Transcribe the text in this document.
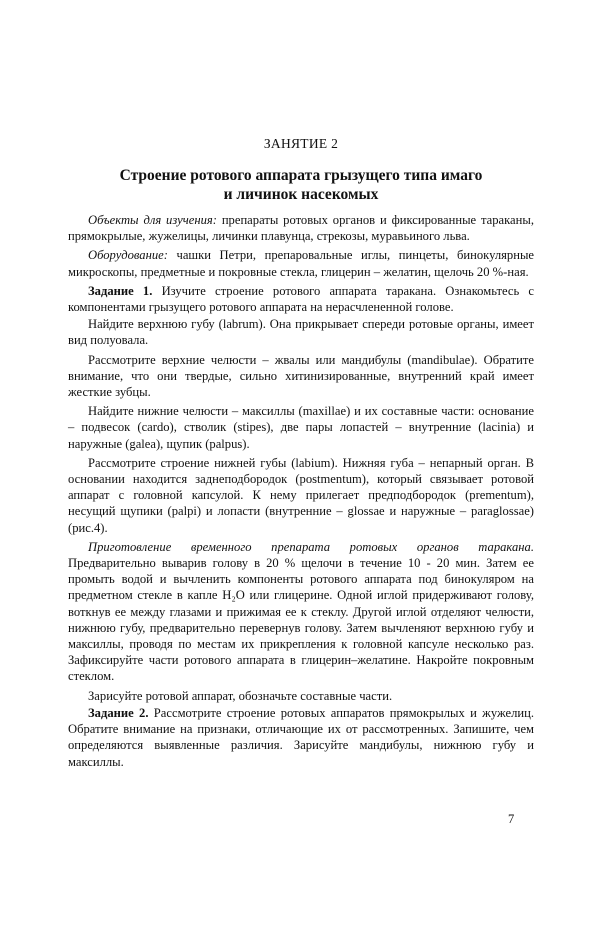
ЗАНЯТИЕ 2

Строение ротового аппарата грызущего типа имаго
и личинок насекомых

Объекты для изучения: препараты ротовых органов и фиксированные тараканы, прямокрылые, жужелицы, личинки плавунца, стрекозы, муравьиного льва.

Оборудование: чашки Петри, препаровальные иглы, пинцеты, бинокулярные микроскопы, предметные и покровные стекла, глицерин – желатин, щелочь 20 %-ная.

Задание 1. Изучите строение ротового аппарата таракана. Ознакомьтесь с компонентами грызущего ротового аппарата на нерасчлененной голове.

Найдите верхнюю губу (labrum). Она прикрывает спереди ротовые органы, имеет вид полуовала.

Рассмотрите верхние челюсти – жвалы или мандибулы (mandibulae). Обратите внимание, что они твердые, сильно хитинизированные, внутренний край имеет жесткие зубцы.

Найдите нижние челюсти – максиллы (maxillae) и их составные части: основание – подвесок (cardo), стволик (stipes), две пары лопастей – внутренние (lacinia) и наружные (galea), щупик (palpus).

Рассмотрите строение нижней губы (labium). Нижняя губа – непарный орган. В основании находится заднеподбородок (postmentum), который связывает ротовой аппарат с головной капсулой. К нему прилегает предподбородок (prementum), несущий щупики (palpi) и лопасти (внутренние – glossae и наружные – paraglossae) (рис.4).

Приготовление временного препарата ротовых органов таракана. Предварительно выварив голову в 20 % щелочи в течение 10 - 20 мин. Затем ее промыть водой и вычленить компоненты ротового аппарата под бинокуляром на предметном стекле в капле H₂O или глицерине. Одной иглой придерживают голову, воткнув ее между глазами и прижимая ее к стеклу. Другой иглой отделяют челюсти, нижнюю губу, предварительно перевернув голову. Затем вычленяют верхнюю губу и максиллы, проводя по местам их прикрепления к головной капсуле несколько раз. Зафиксируйте части ротового аппарата в глицерин–желатине. Накройте покровным стеклом.

Зарисуйте ротовой аппарат, обозначьте составные части.

Задание 2. Рассмотрите строение ротовых аппаратов прямокрылых и жужелиц. Обратите внимание на признаки, отличающие их от рассмотренных. Запишите, чем определяются выявленные различия. Зарисуйте мандибулы, нижнюю губу и максиллы.

7
